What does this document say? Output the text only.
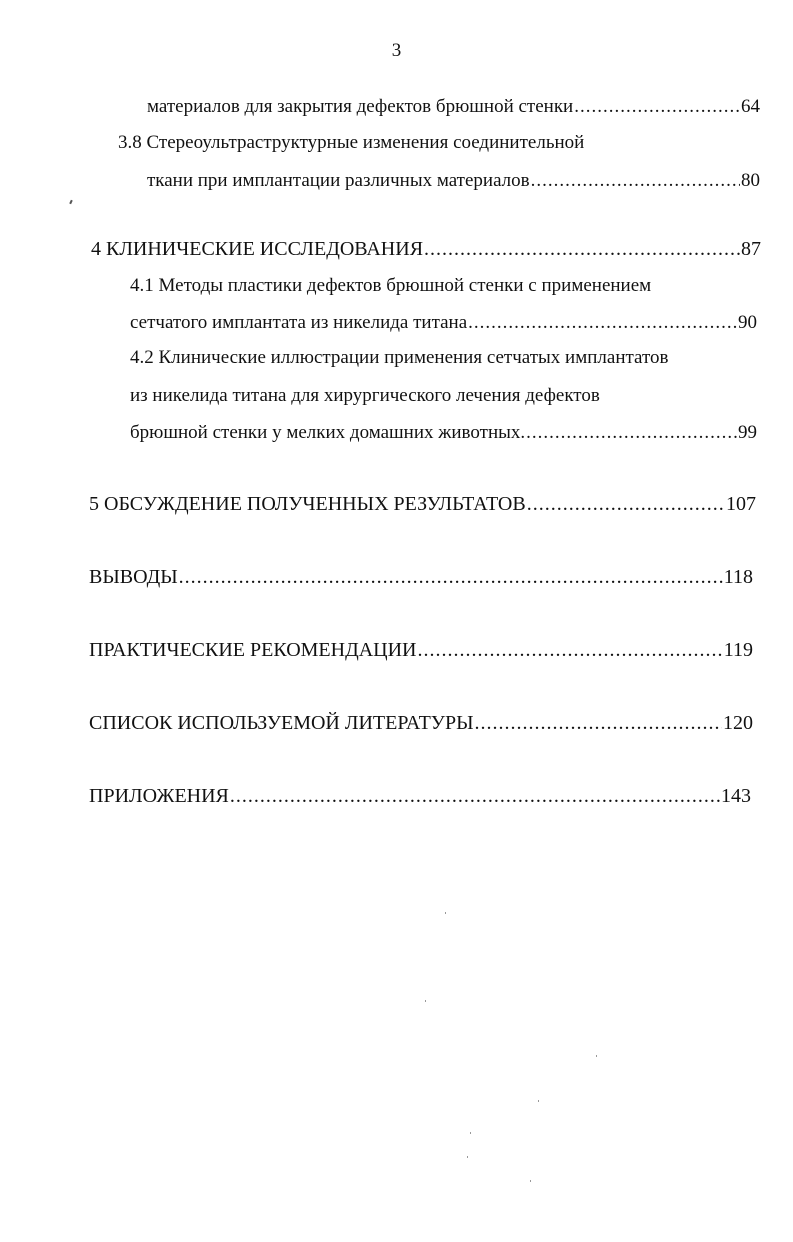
3
материалов для закрытия дефектов брюшной стенки .....	64
3.8 Стереоультраструктурные изменения соединительной
ткани при имплантации различных материалов .....	80
4 КЛИНИЧЕСКИЕ ИССЛЕДОВАНИЯ .....	87
4.1 Методы пластики дефектов брюшной стенки с применением
сетчатого имплантата из никелида титана .....	90
4.2 Клинические иллюстрации применения сетчатых имплантатов
из никелида титана для хирургического лечения дефектов
брюшной стенки у мелких домашних животных. .....	99
5 ОБСУЖДЕНИЕ ПОЛУЧЕННЫХ РЕЗУЛЬТАТОВ .....	107
ВЫВОДЫ .....	118
ПРАКТИЧЕСКИЕ РЕКОМЕНДАЦИИ .....	119
СПИСОК ИСПОЛЬЗУЕМОЙ ЛИТЕРАТУРЫ .....	120
ПРИЛОЖЕНИЯ .....	143
